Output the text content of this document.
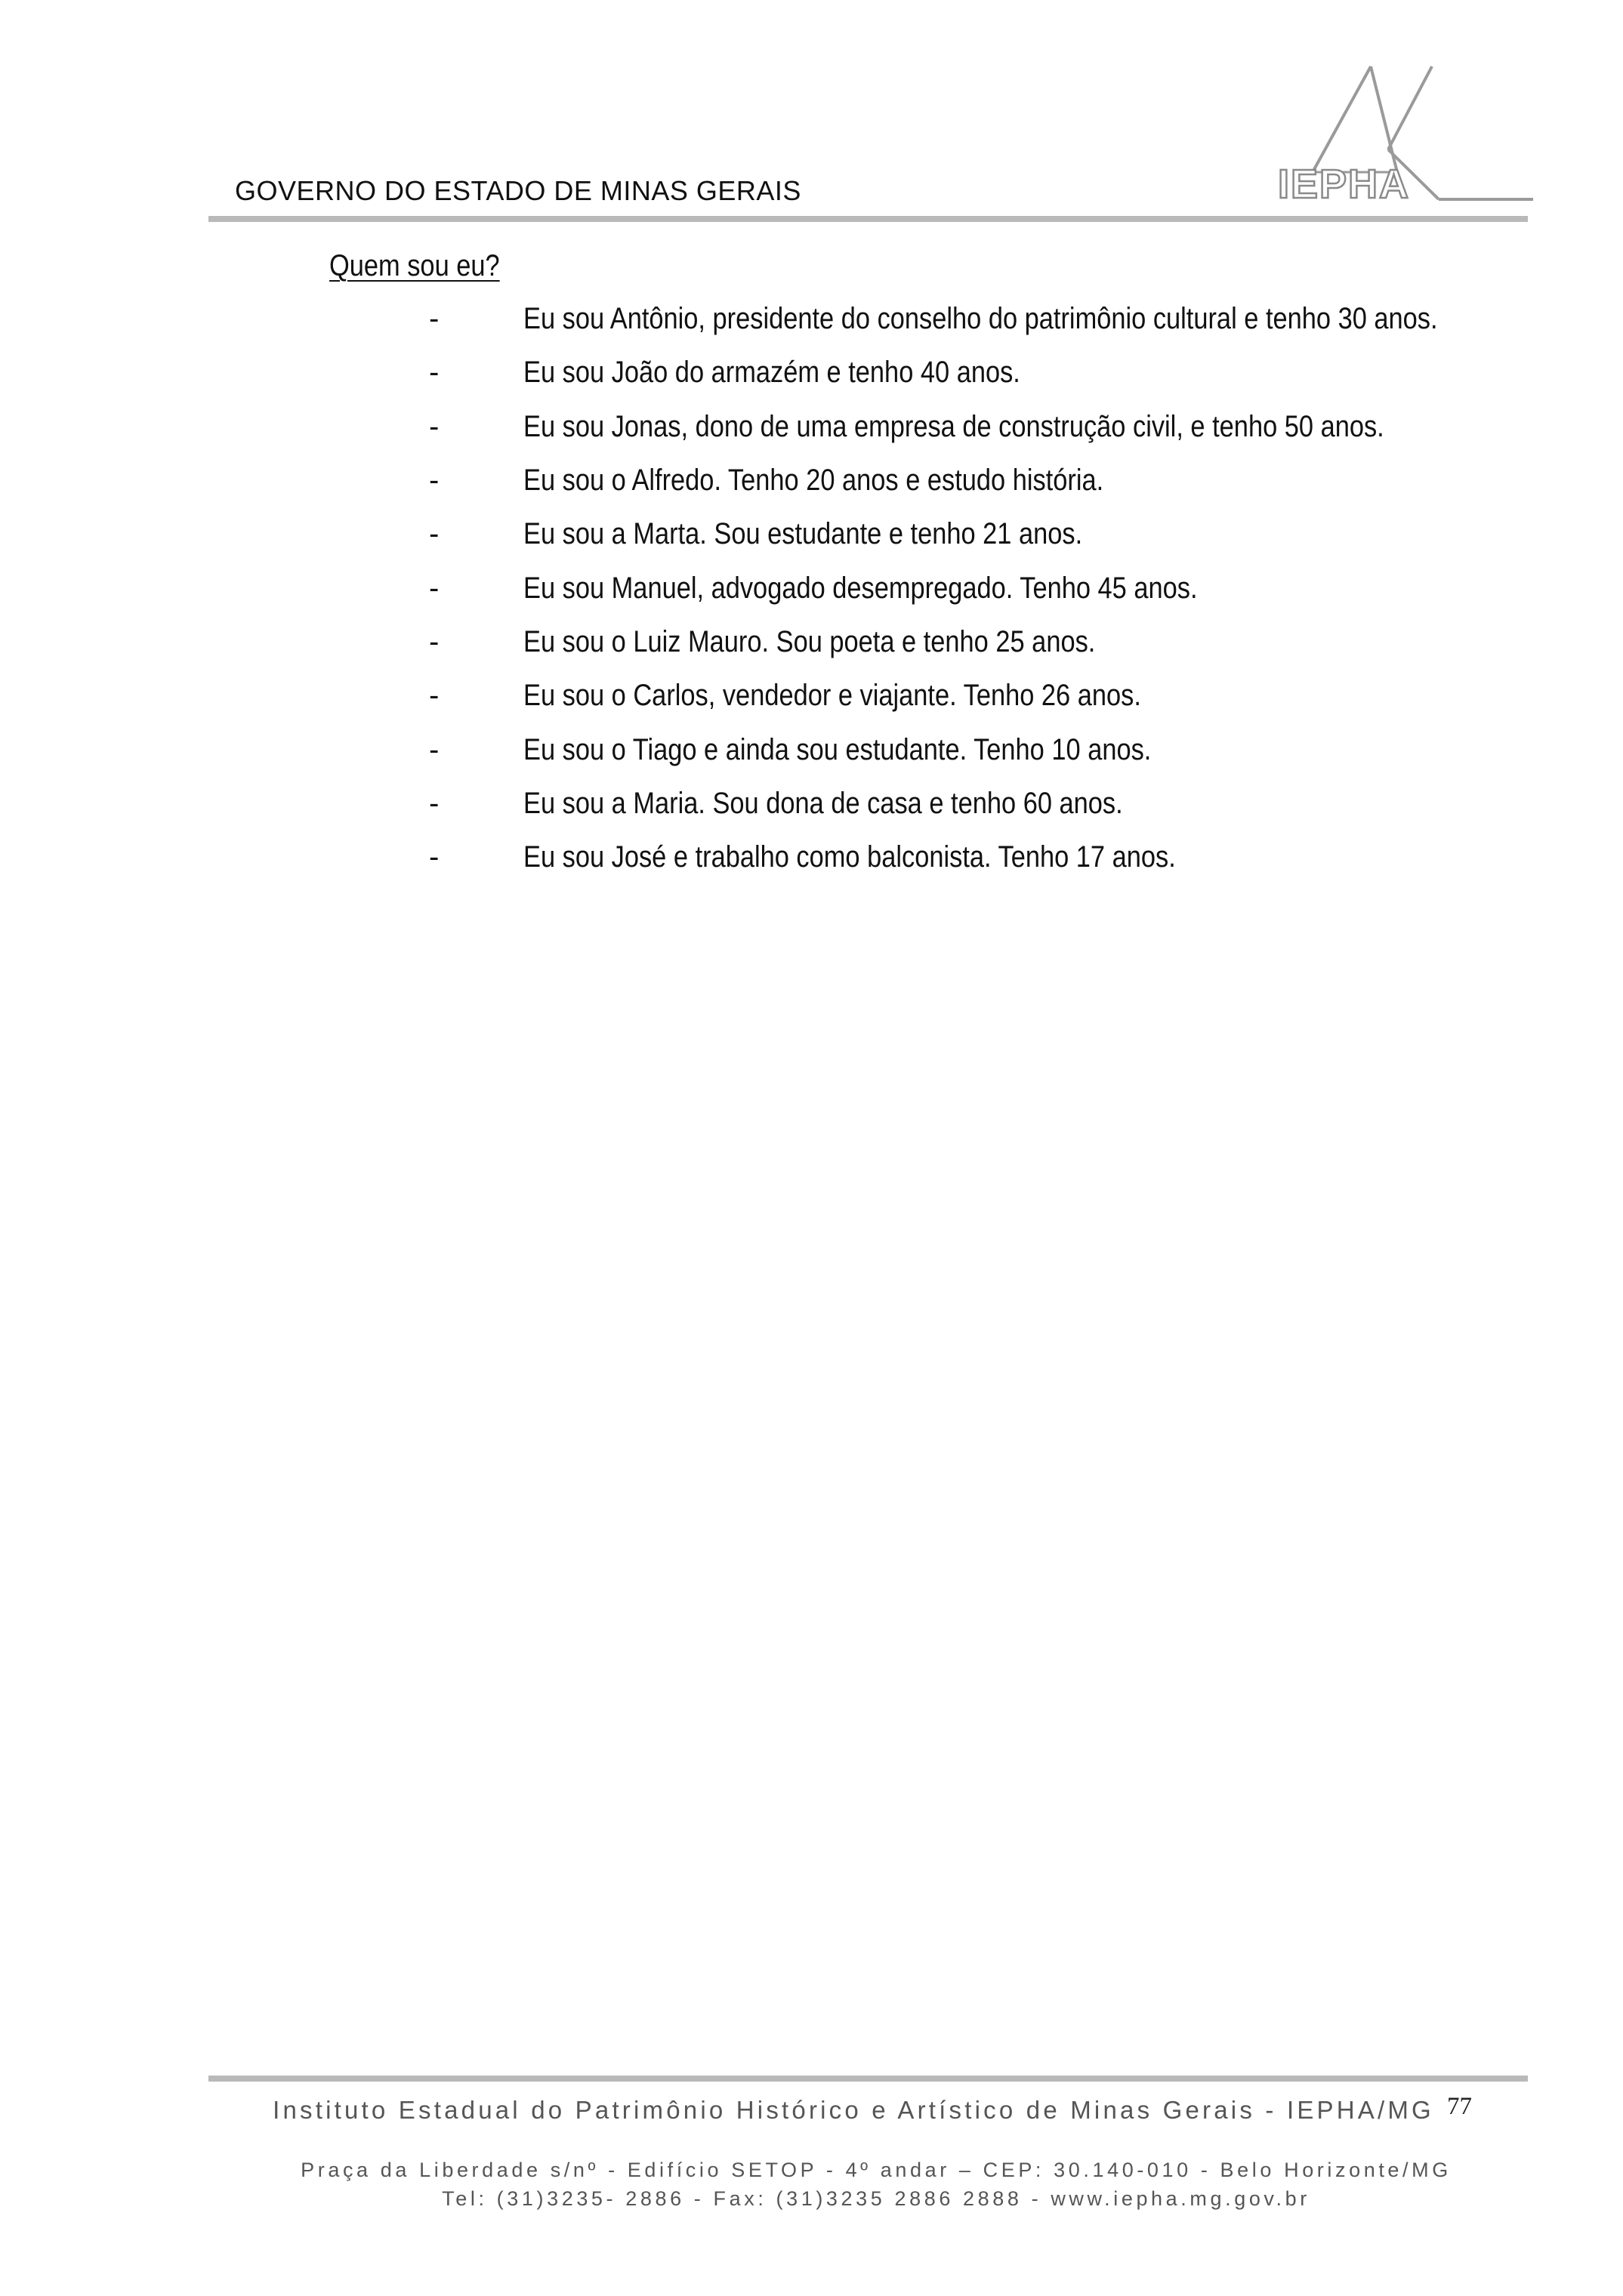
GOVERNO DO ESTADO DE MINAS GERAIS	IEPHA
Quem sou eu?
-	Eu sou Antônio, presidente do conselho do patrimônio cultural e tenho 30 anos.
-	Eu sou João do armazém e tenho 40 anos.
-	Eu sou Jonas, dono de uma empresa de construção civil, e tenho 50 anos.
-	Eu sou o Alfredo. Tenho 20 anos e estudo história.
-	Eu sou a Marta. Sou estudante e tenho 21 anos.
-	Eu sou Manuel, advogado desempregado. Tenho 45 anos.
-	Eu sou o Luiz Mauro. Sou poeta e tenho 25 anos.
-	Eu sou o Carlos, vendedor e viajante. Tenho 26 anos.
-	Eu sou o Tiago e ainda sou estudante. Tenho 10 anos.
-	Eu sou a Maria. Sou dona de casa e tenho 60 anos.
-	Eu sou José e trabalho como balconista. Tenho 17 anos.
Instituto Estadual do Patrimônio Histórico e Artístico de Minas Gerais - IEPHA/MG 77
Praça da Liberdade s/nº - Edifício SETOP - 4º andar – CEP: 30.140-010 - Belo Horizonte/MG
Tel: (31)3235- 2886 - Fax: (31)3235 2886 2888 - www.iepha.mg.gov.br
